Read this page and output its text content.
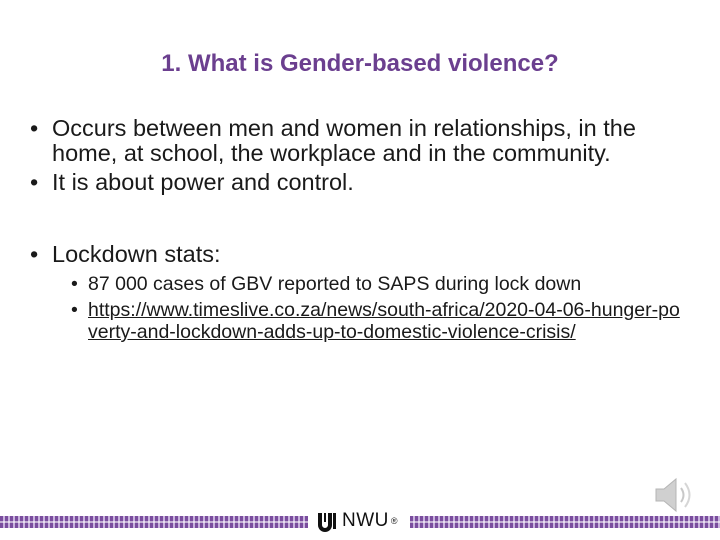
1. What is Gender-based violence?
• Occurs between men and women in relationships, in the home, at school, the workplace and in the community.
• It is about power and control.
• Lockdown stats:
• 87 000 cases of GBV reported to SAPS during lock down
• https://www.timeslive.co.za/news/south-africa/2020-04-06-hunger-poverty-and-lockdown-adds-up-to-domestic-violence-crisis/
NWU ®
